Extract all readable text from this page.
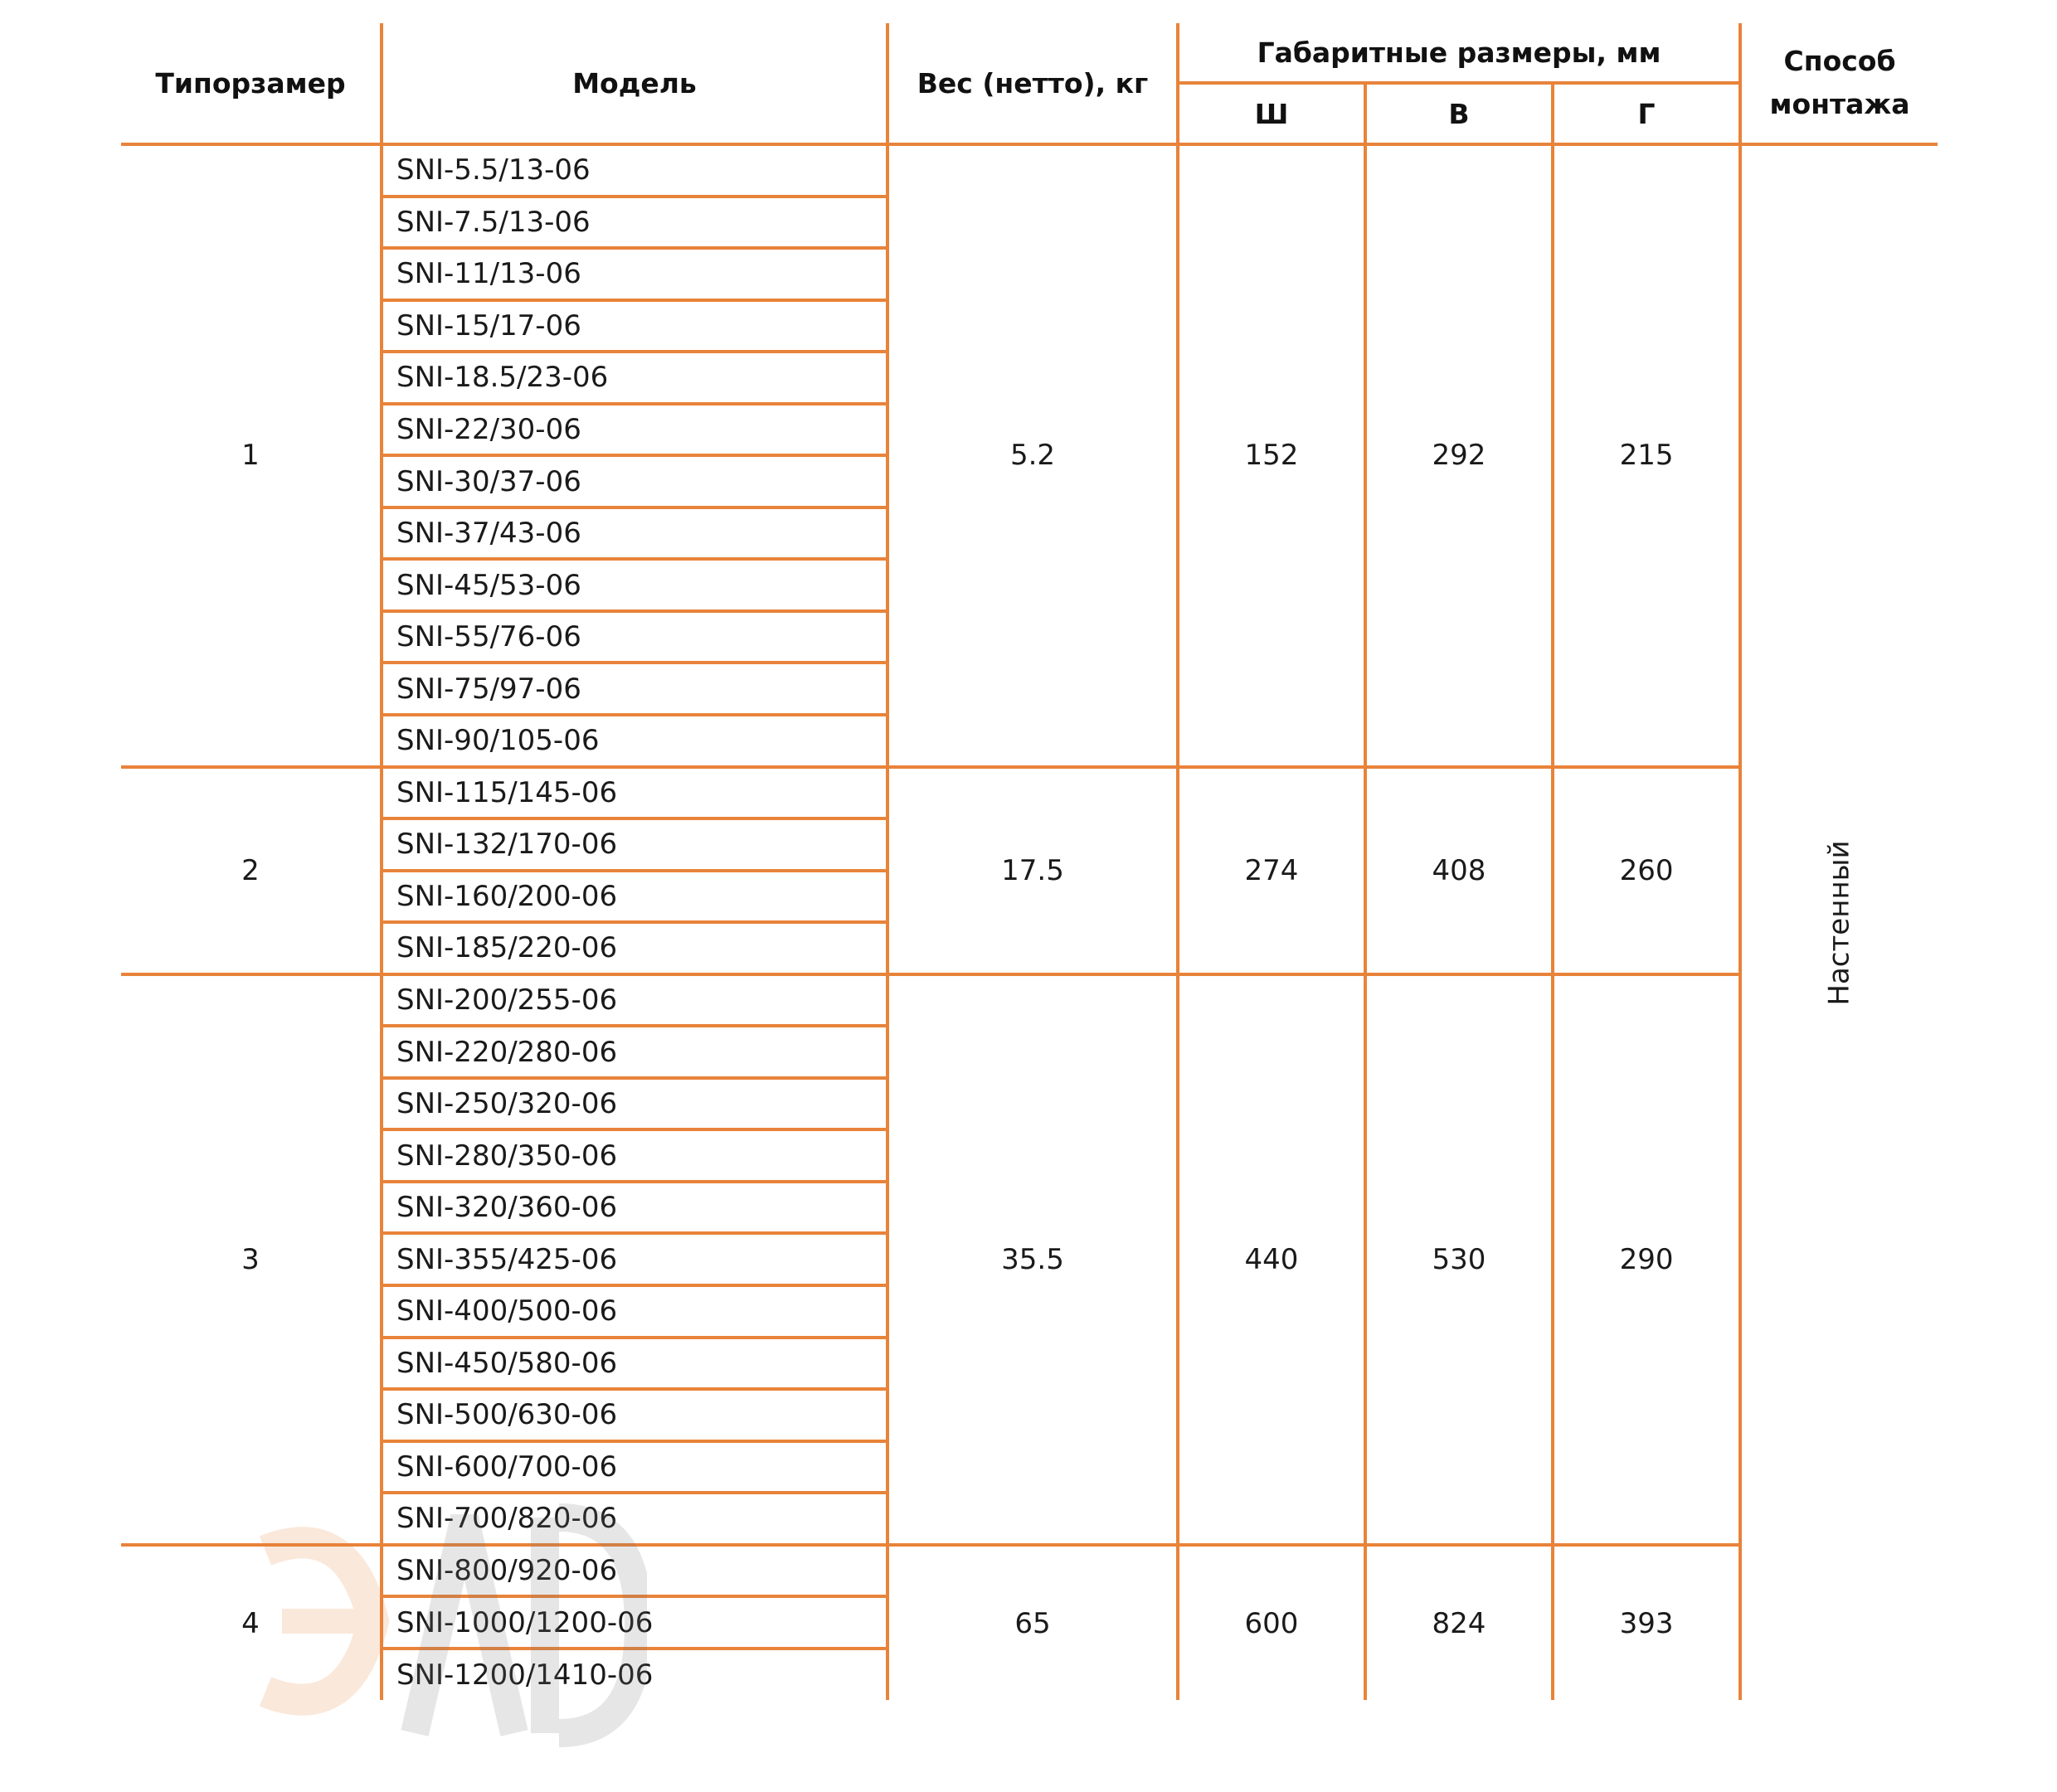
Типорзамер	Модель	Вес (нетто), кг	Габаритные размеры, мм			Способ монтажа
			Ш	В	Г	
1	SNI-5.5/13-06	5.2	152	292	215	Настенный
	SNI-7.5/13-06					
	SNI-11/13-06					
	SNI-15/17-06					
	SNI-18.5/23-06					
	SNI-22/30-06					
	SNI-30/37-06					
	SNI-37/43-06					
	SNI-45/53-06					
	SNI-55/76-06					
	SNI-75/97-06					
	SNI-90/105-06					
2	SNI-115/145-06	17.5	274	408	260	
	SNI-132/170-06					
	SNI-160/200-06					
	SNI-185/220-06					
3	SNI-200/255-06	35.5	440	530	290	
	SNI-220/280-06					
	SNI-250/320-06					
	SNI-280/350-06					
	SNI-320/360-06					
	SNI-355/425-06					
	SNI-400/500-06					
	SNI-450/580-06					
	SNI-500/630-06					
	SNI-600/700-06					
	SNI-700/820-06					
4	SNI-800/920-06	65	600	824	393	
	SNI-1000/1200-06					
	SNI-1200/1410-06					
